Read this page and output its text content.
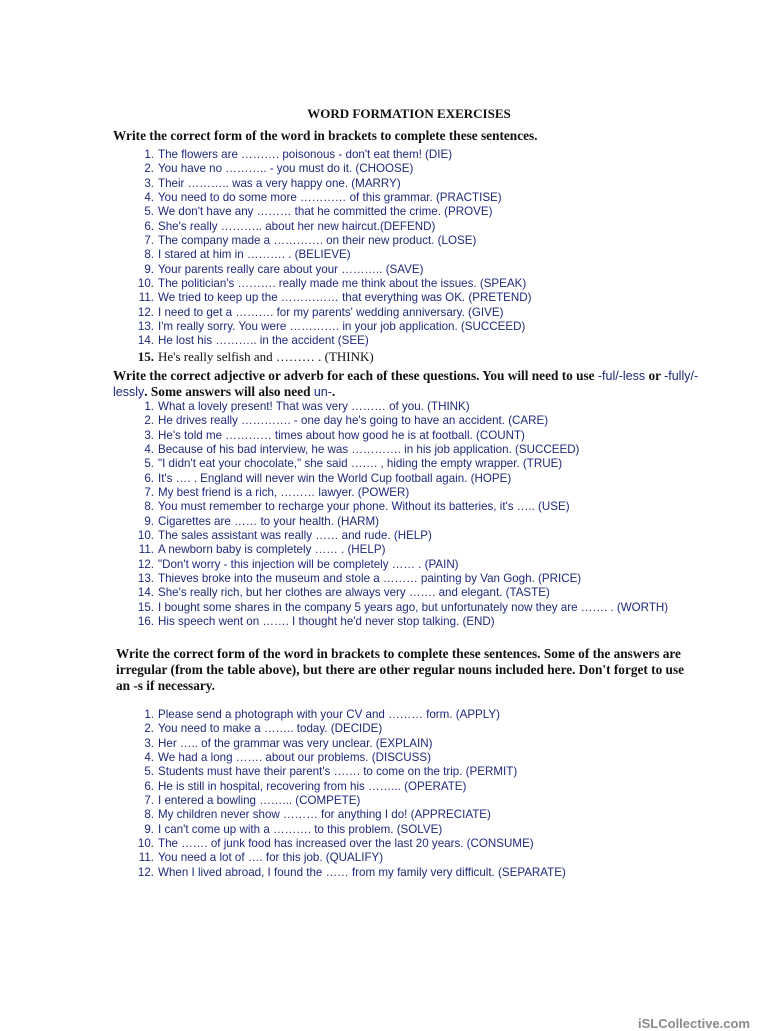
WORD FORMATION EXERCISES

Write the correct form of the word in brackets to complete these sentences.

1. The flowers are ………. poisonous - don't eat them! (DIE)
2. You have no ……….. - you must do it. (CHOOSE)
3. Their ……….. was a very happy one. (MARRY)
4. You need to do some more ………… of this grammar. (PRACTISE)
5. We don't have any ……… that he committed the crime. (PROVE)
6. She's really ……….. about her new haircut.(DEFEND)
7. The company made a …………. on their new product. (LOSE)
8. I stared at him in ………. . (BELIEVE)
9. Your parents really care about your ……….. (SAVE)
10. The politician's ………. really made me think about the issues. (SPEAK)
11. We tried to keep up the …………… that everything was OK. (PRETEND)
12. I need to get a ………. for my parents' wedding anniversary. (GIVE)
13. I'm really sorry. You were …………. in your job application. (SUCCEED)
14. He lost his ……….. in the accident (SEE)
15. He's really selfish and ……… . (THINK)

Write the correct adjective or adverb for each of these questions. You will need to use -ful/-less or -fully/-lessly. Some answers will also need un-.

1. What a lovely present! That was very ……… of you. (THINK)
2. He drives really …………. - one day he's going to have an accident. (CARE)
3. He's told me ………… times about how good he is at football. (COUNT)
4. Because of his bad interview, he was …………. in his job application. (SUCCEED)
5. "I didn't eat your chocolate," she said ……. , hiding the empty wrapper. (TRUE)
6. It's …. . England will never win the World Cup football again. (HOPE)
7. My best friend is a rich, ……… lawyer. (POWER)
8. You must remember to recharge your phone. Without its batteries, it's ….. (USE)
9. Cigarettes are …… to your health. (HARM)
10. The sales assistant was really …… and rude. (HELP)
11. A newborn baby is completely …… . (HELP)
12. "Don't worry - this injection will be completely …… . (PAIN)
13. Thieves broke into the museum and stole a ……… painting by Van Gogh. (PRICE)
14. She's really rich, but her clothes are always very ……. and elegant. (TASTE)
15. I bought some shares in the company 5 years ago, but unfortunately now they are ……. . (WORTH)
16. His speech went on ……. I thought he'd never stop talking. (END)

Write the correct form of the word in brackets to complete these sentences. Some of the answers are irregular (from the table above), but there are other regular nouns included here. Don't forget to use an -s if necessary.

1. Please send a photograph with your CV and ……… form. (APPLY)
2. You need to make a …….. today. (DECIDE)
3. Her ….. of the grammar was very unclear. (EXPLAIN)
4. We had a long ……. about our problems. (DISCUSS)
5. Students must have their parent's ……. to come on the trip. (PERMIT)
6. He is still in hospital, recovering from his ……... (OPERATE)
7. I entered a bowling ……... (COMPETE)
8. My children never show ……… for anything I do! (APPRECIATE)
9. I can't come up with a ………. to this problem. (SOLVE)
10. The ……. of junk food has increased over the last 20 years. (CONSUME)
11. You need a lot of …. for this job. (QUALIFY)
12. When I lived abroad, I found the …… from my family very difficult. (SEPARATE)
iSLCollective.com
